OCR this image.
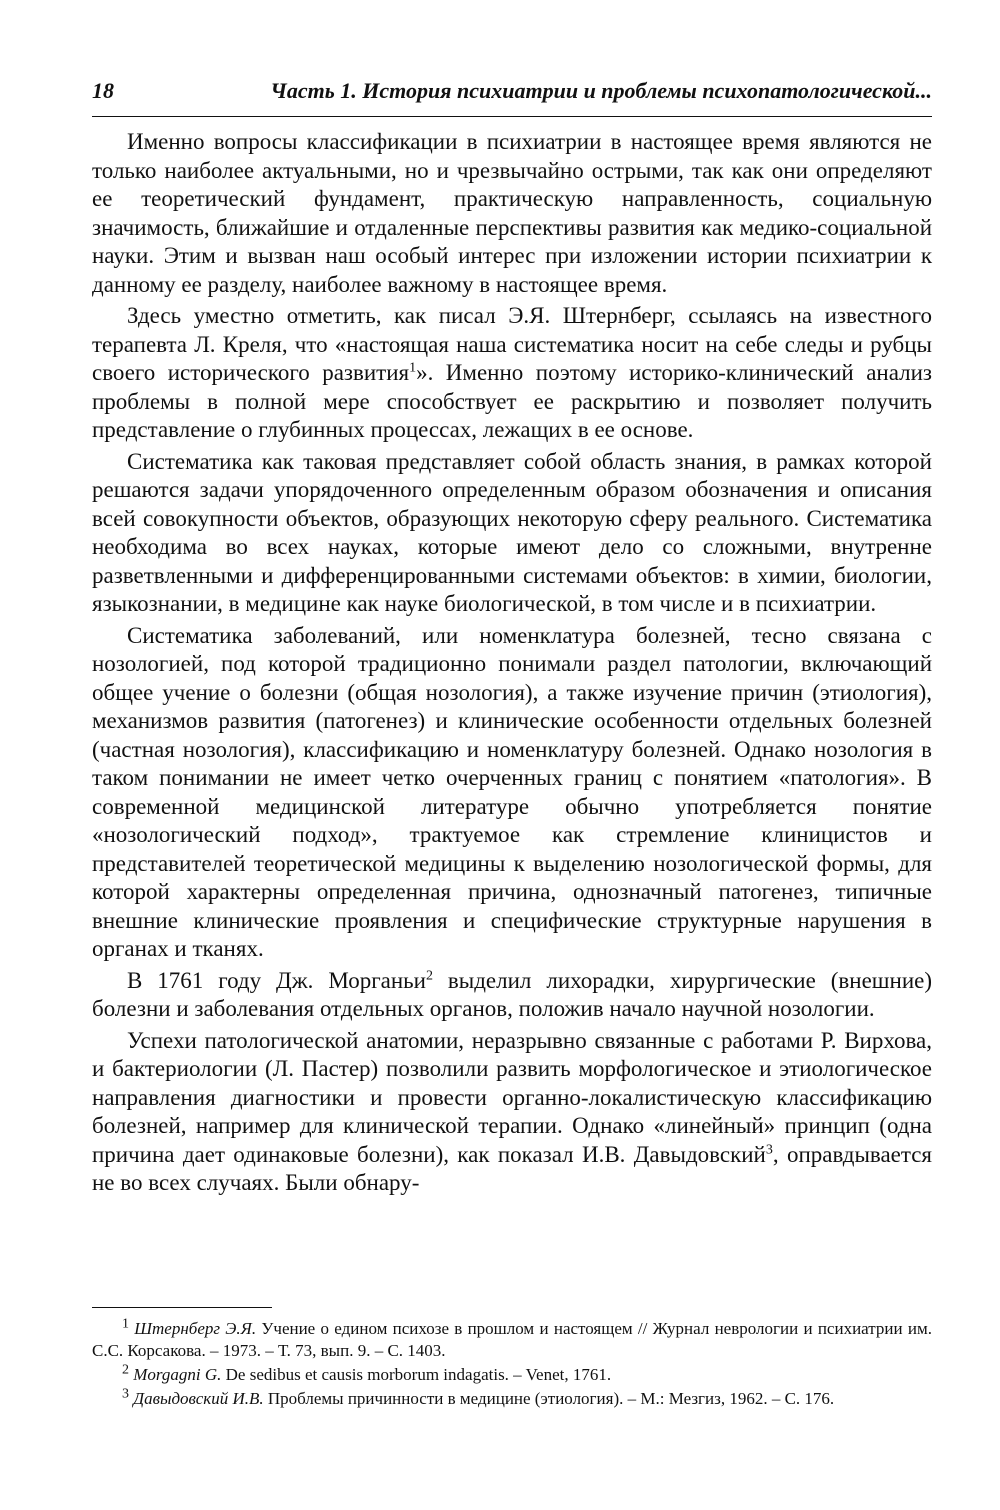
18	Часть 1. История психиатрии и проблемы психопатологической...

Именно вопросы классификации в психиатрии в настоящее время являются не только наиболее актуальными, но и чрезвычайно острыми, так как они определяют ее теоретический фундамент, практическую направленность, социальную значимость, ближайшие и отдаленные перспективы развития как медико-социальной науки. Этим и вызван наш особый интерес при изложении истории психиатрии к данному ее разделу, наиболее важному в настоящее время.

Здесь уместно отметить, как писал Э.Я. Штернберг, ссылаясь на известного терапевта Л. Креля, что «настоящая наша систематика носит на себе следы и рубцы своего исторического развития$^1$». Именно поэтому историко-клинический анализ проблемы в полной мере способствует ее раскрытию и позволяет получить представление о глубинных процессах, лежащих в ее основе.

Систематика как таковая представляет собой область знания, в рамках которой решаются задачи упорядоченного определенным образом обозначения и описания всей совокупности объектов, образующих некоторую сферу реального. Систематика необходима во всех науках, которые имеют дело со сложными, внутренне разветвленными и дифференцированными системами объектов: в химии, биологии, языкознании, в медицине как науке биологической, в том числе и в психиатрии.

Систематика заболеваний, или номенклатура болезней, тесно связана с нозологией, под которой традиционно понимали раздел патологии, включающий общее учение о болезни (общая нозология), а также изучение причин (этиология), механизмов развития (патогенез) и клинические особенности отдельных болезней (частная нозология), классификацию и номенклатуру болезней. Однако нозология в таком понимании не имеет четко очерченных границ с понятием «патология». В современной медицинской литературе обычно употребляется понятие «нозологический подход», трактуемое как стремление клиницистов и представителей теоретической медицины к выделению нозологической формы, для которой характерны определенная причина, однозначный патогенез, типичные внешние клинические проявления и специфические структурные нарушения в органах и тканях.

В 1761 году Дж. Морганьи$^2$ выделил лихорадки, хирургические (внешние) болезни и заболевания отдельных органов, положив начало научной нозологии.

Успехи патологической анатомии, неразрывно связанные с работами Р. Вирхова, и бактериологии (Л. Пастер) позволили развить морфологическое и этиологическое направления диагностики и провести органно-локалистическую классификацию болезней, например для клинической терапии. Однако «линейный» принцип (одна причина дает одинаковые болезни), как показал И.В. Давыдовский$^3$, оправдывается не во всех случаях. Были обнару-

$^1$ Штернберг Э.Я. Учение о едином психозе в прошлом и настоящем // Журнал неврологии и психиатрии им. С.С. Корсакова. – 1973. – Т. 73, вып. 9. – С. 1403.

$^2$ Morgagni G. De sedibus et causis morborum indagatis. – Venet, 1761.

$^3$ Давыдовский И.В. Проблемы причинности в медицине (этиология). – М.: Мезгиз, 1962. – С. 176.
